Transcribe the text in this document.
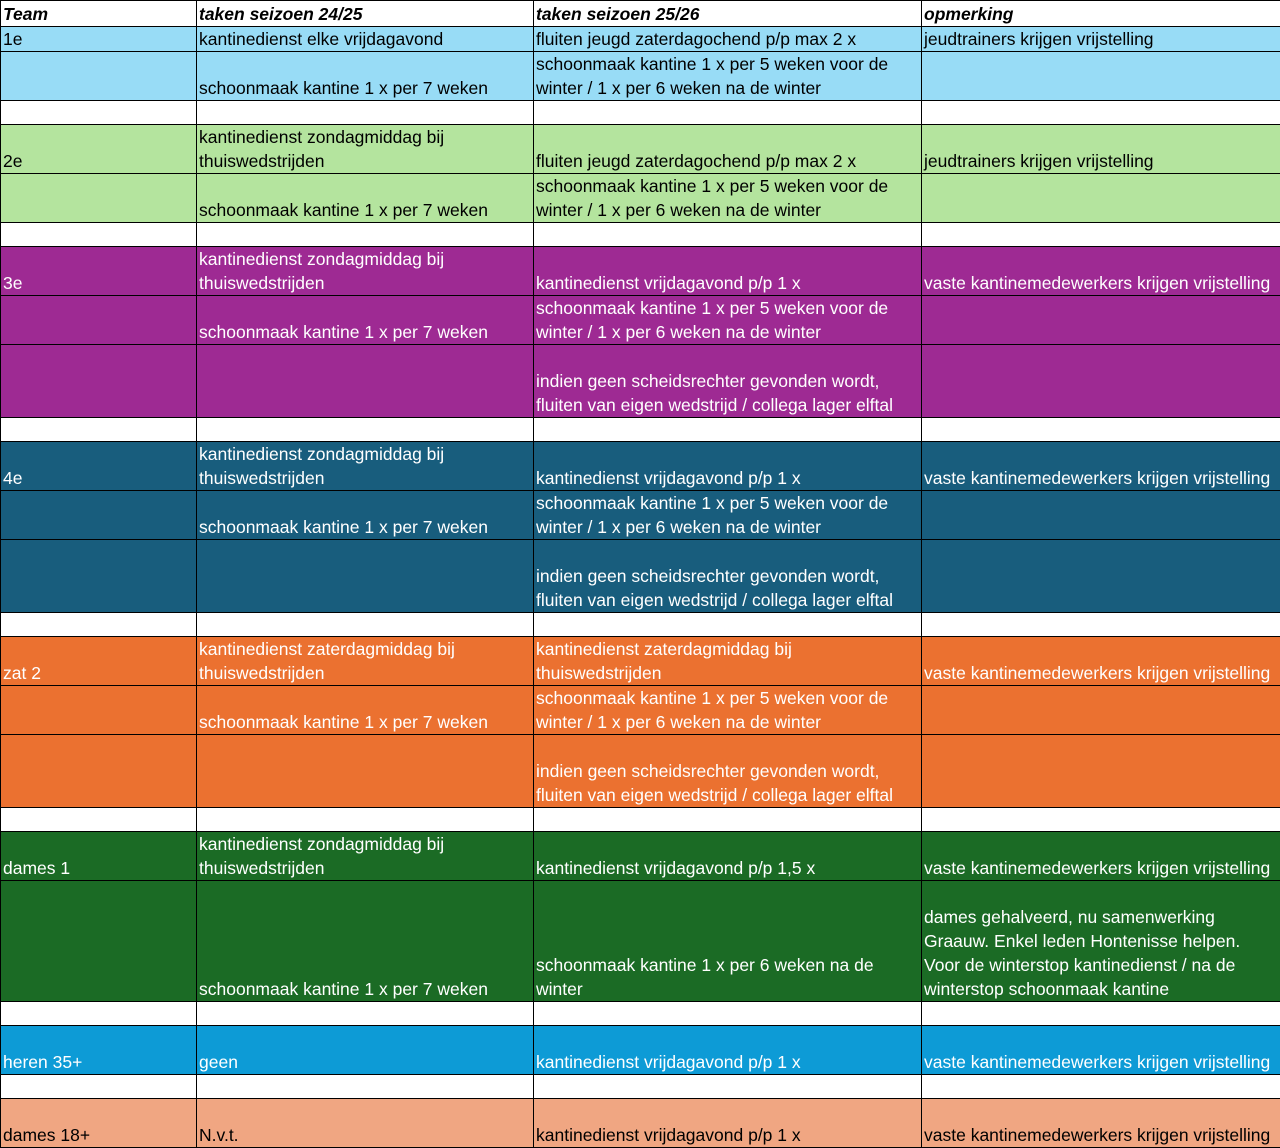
Team	taken seizoen 24/25	taken seizoen 25/26	opmerking
1e	kantinedienst elke vrijdagavond	fluiten jeugd zaterdagochend p/p max 2 x	jeudtrainers krijgen vrijstelling
	schoonmaak kantine 1 x per 7 weken	schoonmaak kantine 1 x per 5 weken voor de winter / 1 x per 6 weken na de winter	

2e	kantinedienst zondagmiddag bij thuiswedstrijden	fluiten jeugd zaterdagochend p/p max 2 x	jeudtrainers krijgen vrijstelling
	schoonmaak kantine 1 x per 7 weken	schoonmaak kantine 1 x per 5 weken voor de winter / 1 x per 6 weken na de winter	

3e	kantinedienst zondagmiddag bij thuiswedstrijden	kantinedienst vrijdagavond p/p 1 x	vaste kantinemedewerkers krijgen vrijstelling
	schoonmaak kantine 1 x per 7 weken	schoonmaak kantine 1 x per 5 weken voor de winter / 1 x per 6 weken na de winter	
		indien geen scheidsrechter gevonden wordt, fluiten van eigen wedstrijd / collega lager elftal	

4e	kantinedienst zondagmiddag bij thuiswedstrijden	kantinedienst vrijdagavond p/p 1 x	vaste kantinemedewerkers krijgen vrijstelling
	schoonmaak kantine 1 x per 7 weken	schoonmaak kantine 1 x per 5 weken voor de winter / 1 x per 6 weken na de winter	
		indien geen scheidsrechter gevonden wordt, fluiten van eigen wedstrijd / collega lager elftal	

zat 2	kantinedienst zaterdagmiddag bij thuiswedstrijden	kantinedienst zaterdagmiddag bij thuiswedstrijden	vaste kantinemedewerkers krijgen vrijstelling
	schoonmaak kantine 1 x per 7 weken	schoonmaak kantine 1 x per 5 weken voor de winter / 1 x per 6 weken na de winter	
		indien geen scheidsrechter gevonden wordt, fluiten van eigen wedstrijd / collega lager elftal	

dames 1	kantinedienst zondagmiddag bij thuiswedstrijden	kantinedienst vrijdagavond p/p 1,5 x	vaste kantinemedewerkers krijgen vrijstelling
	schoonmaak kantine 1 x per 7 weken	schoonmaak kantine 1 x per 6 weken na de winter	dames gehalveerd, nu samenwerking Graauw. Enkel leden Hontenisse helpen. Voor de winterstop kantinedienst / na de winterstop schoonmaak kantine

heren 35+	geen	kantinedienst vrijdagavond p/p 1 x	vaste kantinemedewerkers krijgen vrijstelling

dames 18+	N.v.t.	kantinedienst vrijdagavond p/p 1 x	vaste kantinemedewerkers krijgen vrijstelling
